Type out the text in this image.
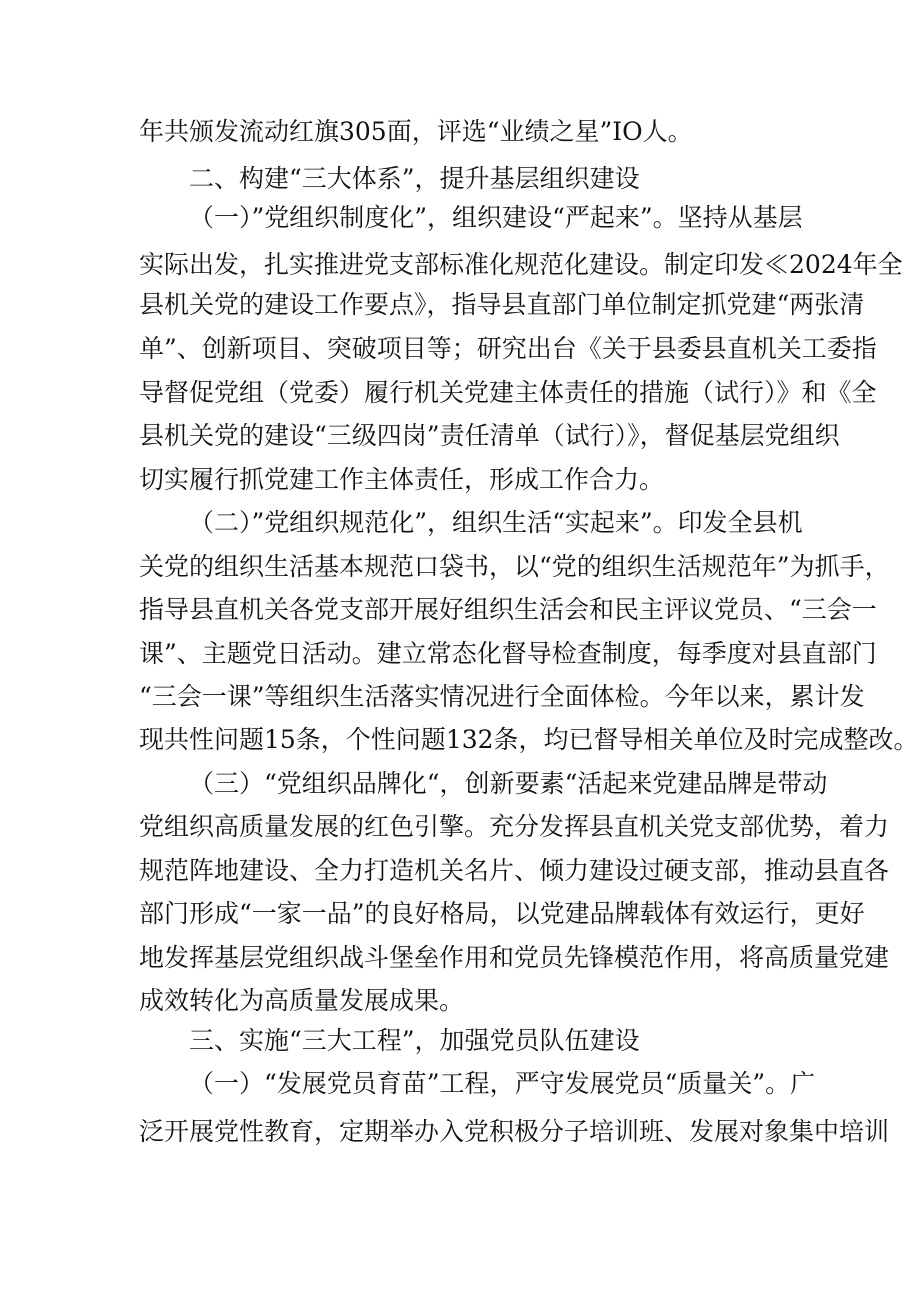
年共颁发流动红旗305面，评选“业绩之星”IO人。
二、构建“三大体系”，提升基层组织建设
（一）”党组织制度化”，组织建设“严起来”。坚持从基层
实际出发，扎实推进党支部标准化规范化建设。制定印发≪2024年全
县机关党的建设工作要点》，指导县直部门单位制定抓党建“两张清
单”、创新项目、突破项目等；研究出台《关于县委县直机关工委指
导督促党组（党委）履行机关党建主体责任的措施（试行）》和《全
县机关党的建设“三级四岗”责任清单（试行）》，督促基层党组织
切实履行抓党建工作主体责任，形成工作合力。
（二）”党组织规范化”，组织生活“实起来”。印发全县机
关党的组织生活基本规范口袋书，以“党的组织生活规范年”为抓手，
指导县直机关各党支部开展好组织生活会和民主评议党员、“三会一
课”、主题党日活动。建立常态化督导检查制度，每季度对县直部门
“三会一课”等组织生活落实情况进行全面体检。今年以来，累计发
现共性问题15条，个性问题132条，均已督导相关单位及时完成整改。
（三）“党组织品牌化“，创新要素“活起来党建品牌是带动
党组织高质量发展的红色引擎。充分发挥县直机关党支部优势，着力
规范阵地建设、全力打造机关名片、倾力建设过硬支部，推动县直各
部门形成“一家一品”的良好格局，以党建品牌载体有效运行，更好
地发挥基层党组织战斗堡垒作用和党员先锋模范作用，将高质量党建
成效转化为高质量发展成果。
三、实施“三大工程”，加强党员队伍建设
（一）“发展党员育苗”工程，严守发展党员“质量关”。广
泛开展党性教育，定期举办入党积极分子培训班、发展对象集中培训
